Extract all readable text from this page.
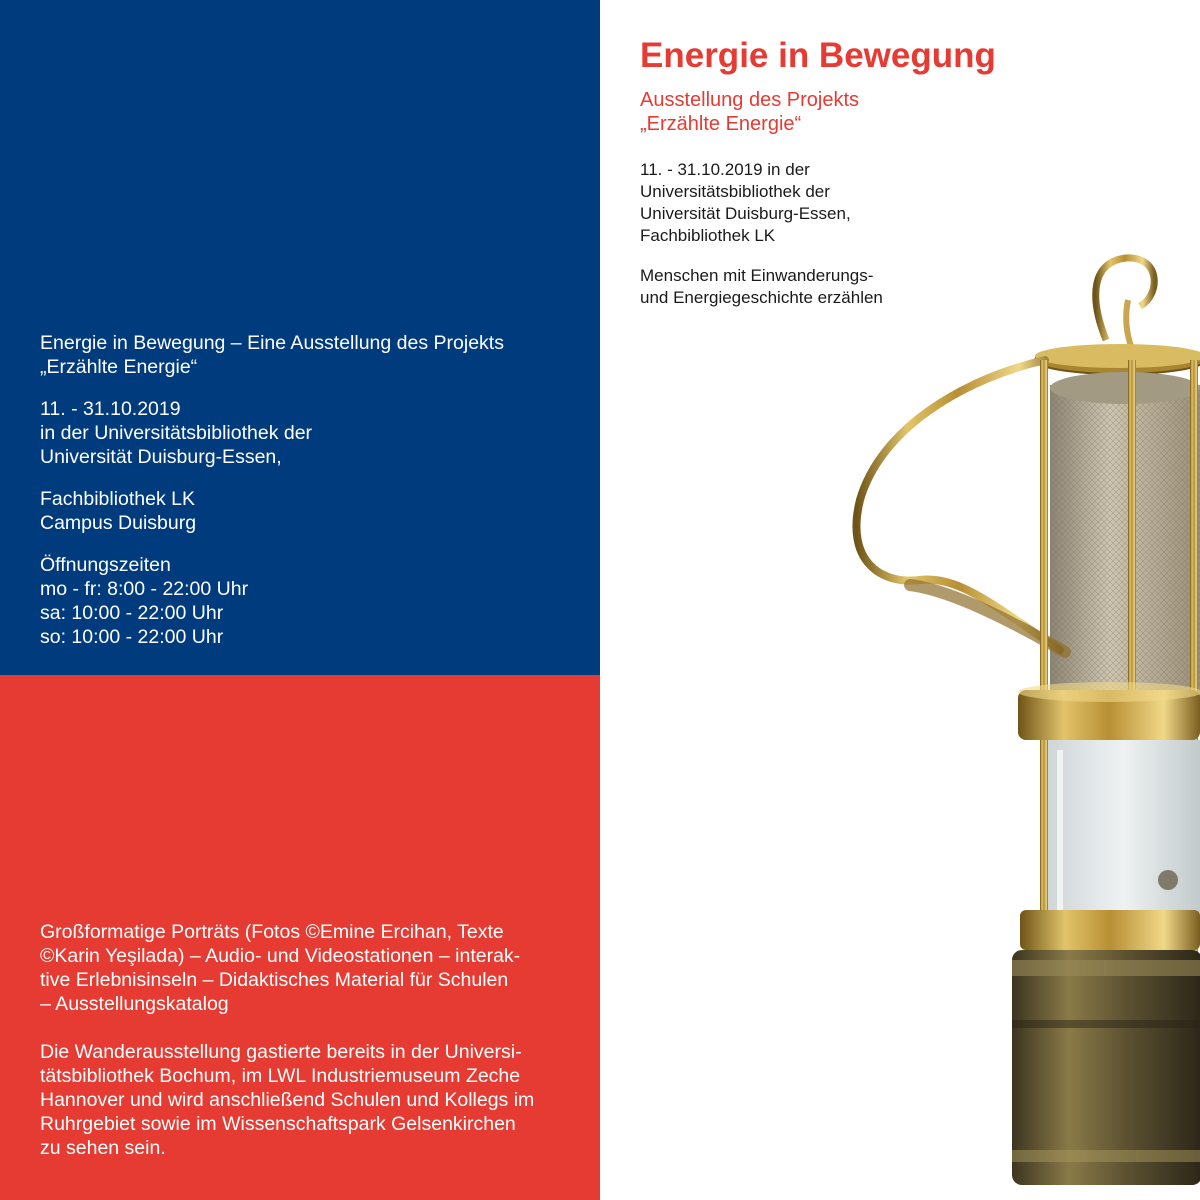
Energie in Bewegung – Eine Ausstellung des Projekts
„Erzählte Energie“

11. - 31.10.2019
in der Universitätsbibliothek der
Universität Duisburg-Essen,

Fachbibliothek LK
Campus Duisburg

Öffnungszeiten
mo - fr: 8:00 - 22:00 Uhr
sa: 10:00 - 22:00 Uhr
so: 10:00 - 22:00 Uhr

Großformatige Porträts (Fotos ©Emine Ercihan, Texte
©Karin Yeşilada) – Audio- und Videostationen – interak-
tive Erlebnisinseln – Didaktisches Material für Schulen
– Ausstellungskatalog

Die Wanderausstellung gastierte bereits in der Universi-
tätsbibliothek Bochum, im LWL Industriemuseum Zeche
Hannover und wird anschließend Schulen und Kollegs im
Ruhrgebiet sowie im Wissenschaftspark Gelsenkirchen
zu sehen sein.

Energie in Bewegung

Ausstellung des Projekts
„Erzählte Energie“

11. - 31.10.2019 in der
Universitätsbibliothek der
Universität Duisburg-Essen,
Fachbibliothek LK

Menschen mit Einwanderungs-
und Energiegeschichte erzählen
